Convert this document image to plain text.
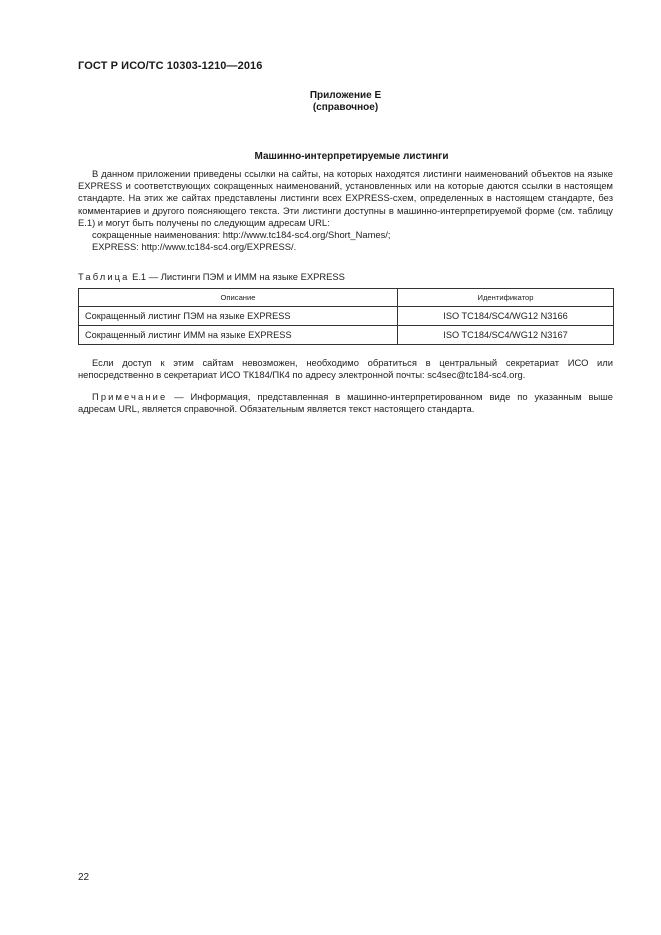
ГОСТ Р ИСО/ТС 10303-1210—2016
Приложение Е
(справочное)
Машинно-интерпретируемые листинги

В данном приложении приведены ссылки на сайты, на которых находятся листинги наименований объектов на языке EXPRESS и соответствующих сокращенных наименований, установленных или на которые даются ссылки в настоящем стандарте. На этих же сайтах представлены листинги всех EXPRESS-схем, определенных в настоящем стандарте, без комментариев и другого поясняющего текста. Эти листинги доступны в машинно-интерпретируемой форме (см. таблицу Е.1) и могут быть получены по следующим адресам URL:

сокращенные наименования: http://www.tc184-sc4.org/Short_Names/;

EXPRESS: http://www.tc184-sc4.org/EXPRESS/.

Таблица Е.1 — Листинги ПЭМ и ИММ на языке EXPRESS
Описание	Идентификатор
Сокращенный листинг ПЭМ на языке EXPRESS	ISO TC184/SC4/WG12 N3166
Сокращенный листинг ИММ на языке EXPRESS	ISO TC184/SC4/WG12 N3167

Если доступ к этим сайтам невозможен, необходимо обратиться в центральный секретариат ИСО или непосредственно в секретариат ИСО ТК184/ПК4 по адресу электронной почты: sc4sec@tc184-sc4.org.

Примечание — Информация, представленная в машинно-интерпретированном виде по указанным выше адресам URL, является справочной. Обязательным является текст настоящего стандарта.

22
